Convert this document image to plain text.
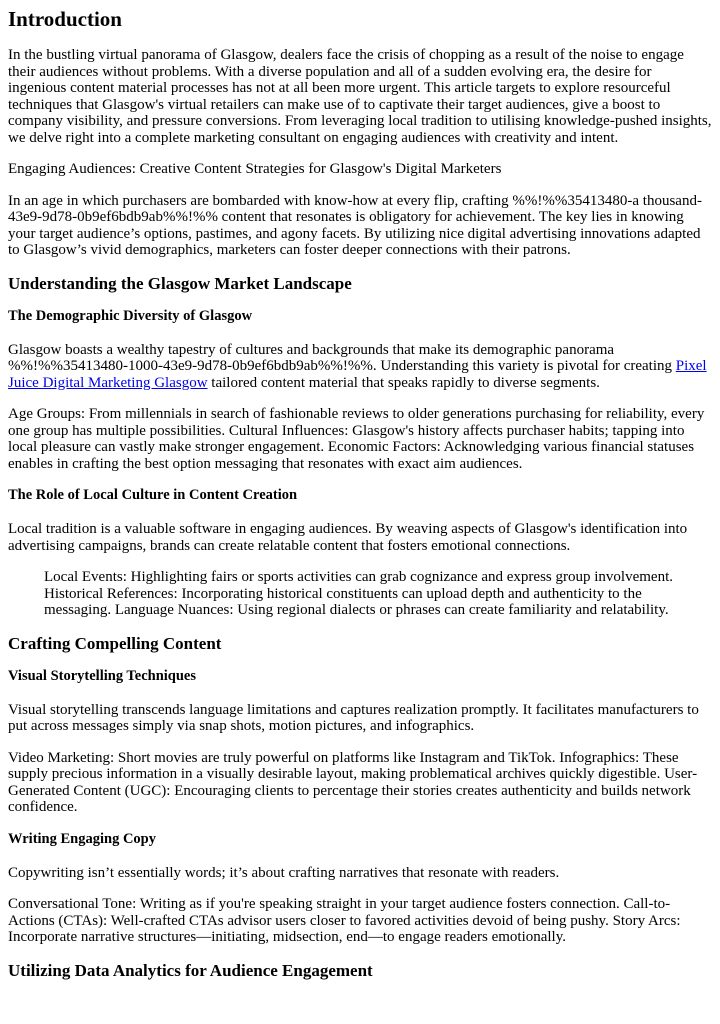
Introduction

In the bustling virtual panorama of Glasgow, dealers face the crisis of chopping as a result of the noise to engage their audiences without problems. With a diverse population and all of a sudden evolving era, the desire for ingenious content material processes has not at all been more urgent. This article targets to explore resourceful techniques that Glasgow's virtual retailers can make use of to captivate their target audiences, give a boost to company visibility, and pressure conversions. From leveraging local tradition to utilising knowledge-pushed insights, we delve right into a complete marketing consultant on engaging audiences with creativity and intent.

Engaging Audiences: Creative Content Strategies for Glasgow's Digital Marketers

In an age in which purchasers are bombarded with know-how at every flip, crafting %%!%%35413480-a thousand-43e9-9d78-0b9ef6bdb9ab%%!%% content that resonates is obligatory for achievement. The key lies in knowing your target audience’s options, pastimes, and agony facets. By utilizing nice digital advertising innovations adapted to Glasgow’s vivid demographics, marketers can foster deeper connections with their patrons.

Understanding the Glasgow Market Landscape
The Demographic Diversity of Glasgow

Glasgow boasts a wealthy tapestry of cultures and backgrounds that make its demographic panorama %%!%%35413480-1000-43e9-9d78-0b9ef6bdb9ab%%!%%. Understanding this variety is pivotal for creating Pixel Juice Digital Marketing Glasgow tailored content material that speaks rapidly to diverse segments.

Age Groups: From millennials in search of fashionable reviews to older generations purchasing for reliability, every one group has multiple possibilities. Cultural Influences: Glasgow's history affects purchaser habits; tapping into local pleasure can vastly make stronger engagement. Economic Factors: Acknowledging various financial statuses enables in crafting the best option messaging that resonates with exact aim audiences.

The Role of Local Culture in Content Creation

Local tradition is a valuable software in engaging audiences. By weaving aspects of Glasgow's identification into advertising campaigns, brands can create relatable content that fosters emotional connections.

Local Events: Highlighting fairs or sports activities can grab cognizance and express group involvement. Historical References: Incorporating historical constituents can upload depth and authenticity to the messaging. Language Nuances: Using regional dialects or phrases can create familiarity and relatability.
Crafting Compelling Content
Visual Storytelling Techniques

Visual storytelling transcends language limitations and captures realization promptly. It facilitates manufacturers to put across messages simply via snap shots, motion pictures, and infographics.

Video Marketing: Short movies are truly powerful on platforms like Instagram and TikTok. Infographics: These supply precious information in a visually desirable layout, making problematical archives quickly digestible. User-Generated Content (UGC): Encouraging clients to percentage their stories creates authenticity and builds network confidence.

Writing Engaging Copy

Copywriting isn’t essentially words; it’s about crafting narratives that resonate with readers.

Conversational Tone: Writing as if you're speaking straight in your target audience fosters connection. Call-to-Actions (CTAs): Well-crafted CTAs advisor users closer to favored activities devoid of being pushy. Story Arcs: Incorporate narrative structures—initiating, midsection, end—to engage readers emotionally.

Utilizing Data Analytics for Audience Engagement
